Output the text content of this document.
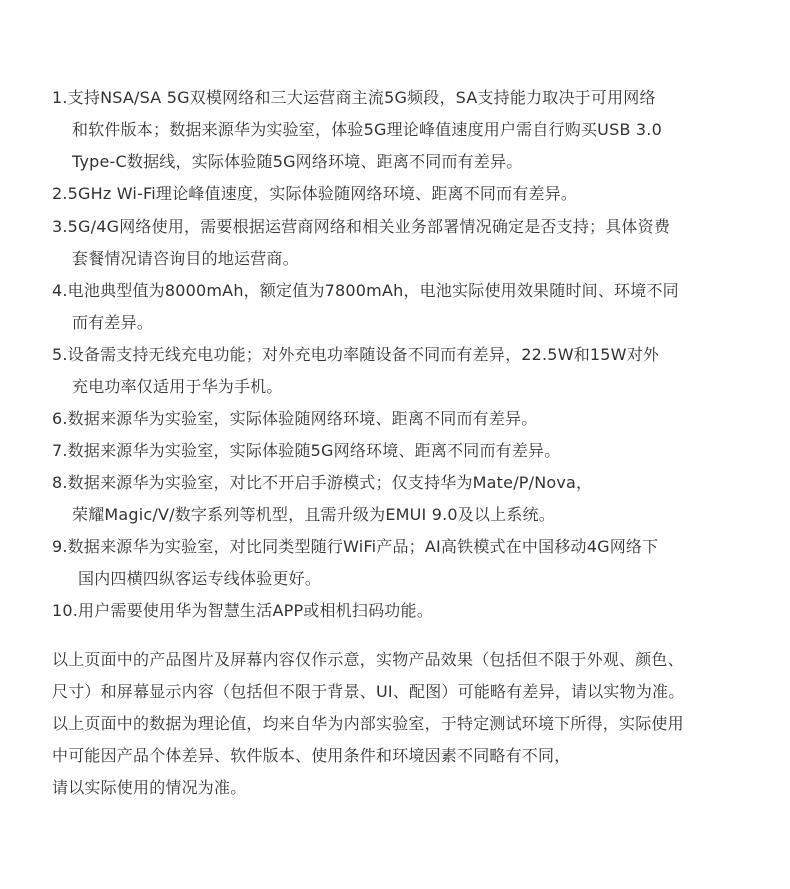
1.支持NSA/SA 5G双模网络和三大运营商主流5G频段，SA支持能力取决于可用网络
和软件版本；数据来源华为实验室，体验5G理论峰值速度用户需自行购买USB 3.0
Type-C数据线，实际体验随5G网络环境、距离不同而有差异。
2.5GHz Wi-Fi理论峰值速度，实际体验随网络环境、距离不同而有差异。
3.5G/4G网络使用，需要根据运营商网络和相关业务部署情况确定是否支持；具体资费
套餐情况请咨询目的地运营商。
4.电池典型值为8000mAh，额定值为7800mAh，电池实际使用效果随时间、环境不同
而有差异。
5.设备需支持无线充电功能；对外充电功率随设备不同而有差异，22.5W和15W对外
充电功率仅适用于华为手机。
6.数据来源华为实验室，实际体验随网络环境、距离不同而有差异。
7.数据来源华为实验室，实际体验随5G网络环境、距离不同而有差异。
8.数据来源华为实验室，对比不开启手游模式；仅支持华为Mate/P/Nova，
荣耀Magic/V/数字系列等机型，且需升级为EMUI 9.0及以上系统。
9.数据来源华为实验室，对比同类型随行WiFi产品；AI高铁模式在中国移动4G网络下
国内四横四纵客运专线体验更好。
10.用户需要使用华为智慧生活APP或相机扫码功能。
以上页面中的产品图片及屏幕内容仅作示意，实物产品效果（包括但不限于外观、颜色、
尺寸）和屏幕显示内容（包括但不限于背景、UI、配图）可能略有差异，请以实物为准。
以上页面中的数据为理论值，均来自华为内部实验室，于特定测试环境下所得，实际使用
中可能因产品个体差异、软件版本、使用条件和环境因素不同略有不同，
请以实际使用的情况为准。
